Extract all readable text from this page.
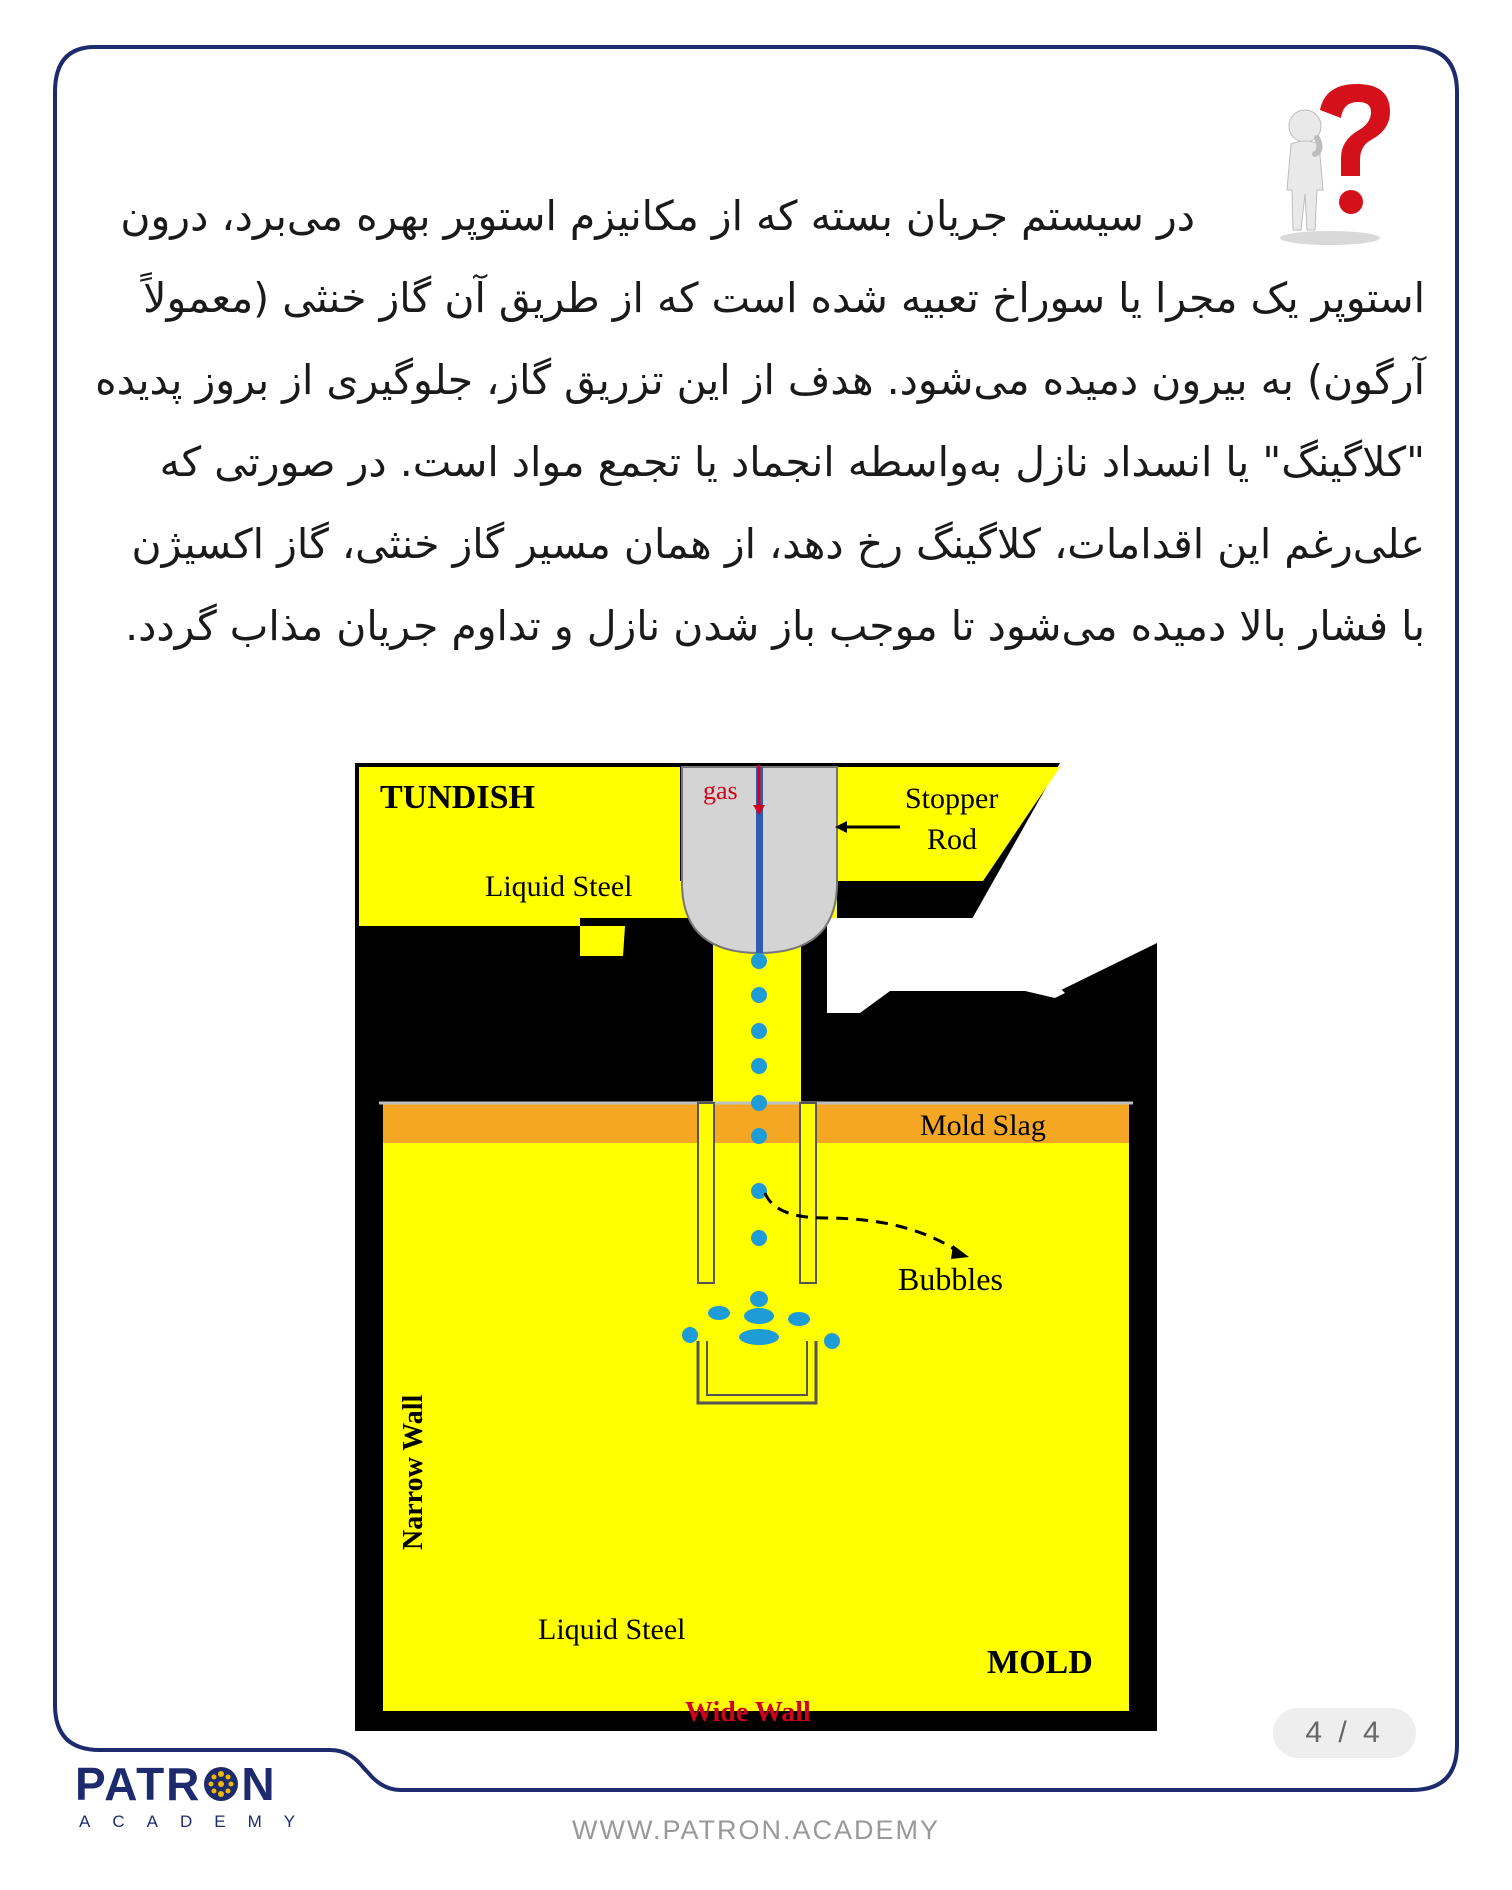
در سیستم جریان بسته که از مکانیزم استوپر بهره می‌برد، درون استوپر یک مجرا یا سوراخ تعبیه شده است که از طریق آن گاز خنثی (معمولاً آرگون) به بیرون دمیده می‌شود. هدف از این تزریق گاز، جلوگیری از بروز پدیده "کلاگینگ" یا انسداد نازل به‌واسطه انجماد یا تجمع مواد است. در صورتی که علی‌رغم این اقدامات، کلاگینگ رخ دهد، از همان مسیر گاز خنثی، گاز اکسیژن با فشار بالا دمیده می‌شود تا موجب باز شدن نازل و تداوم جریان مذاب گردد.
TUNDISH	gas	Stopper
Rod
Liquid Steel
Mold Slag
Bubbles
Narrow Wall
Liquid Steel
MOLD
Wide Wall
4 / 4
PATR N
ACADEMY	WWW.PATRON.ACADEMY
